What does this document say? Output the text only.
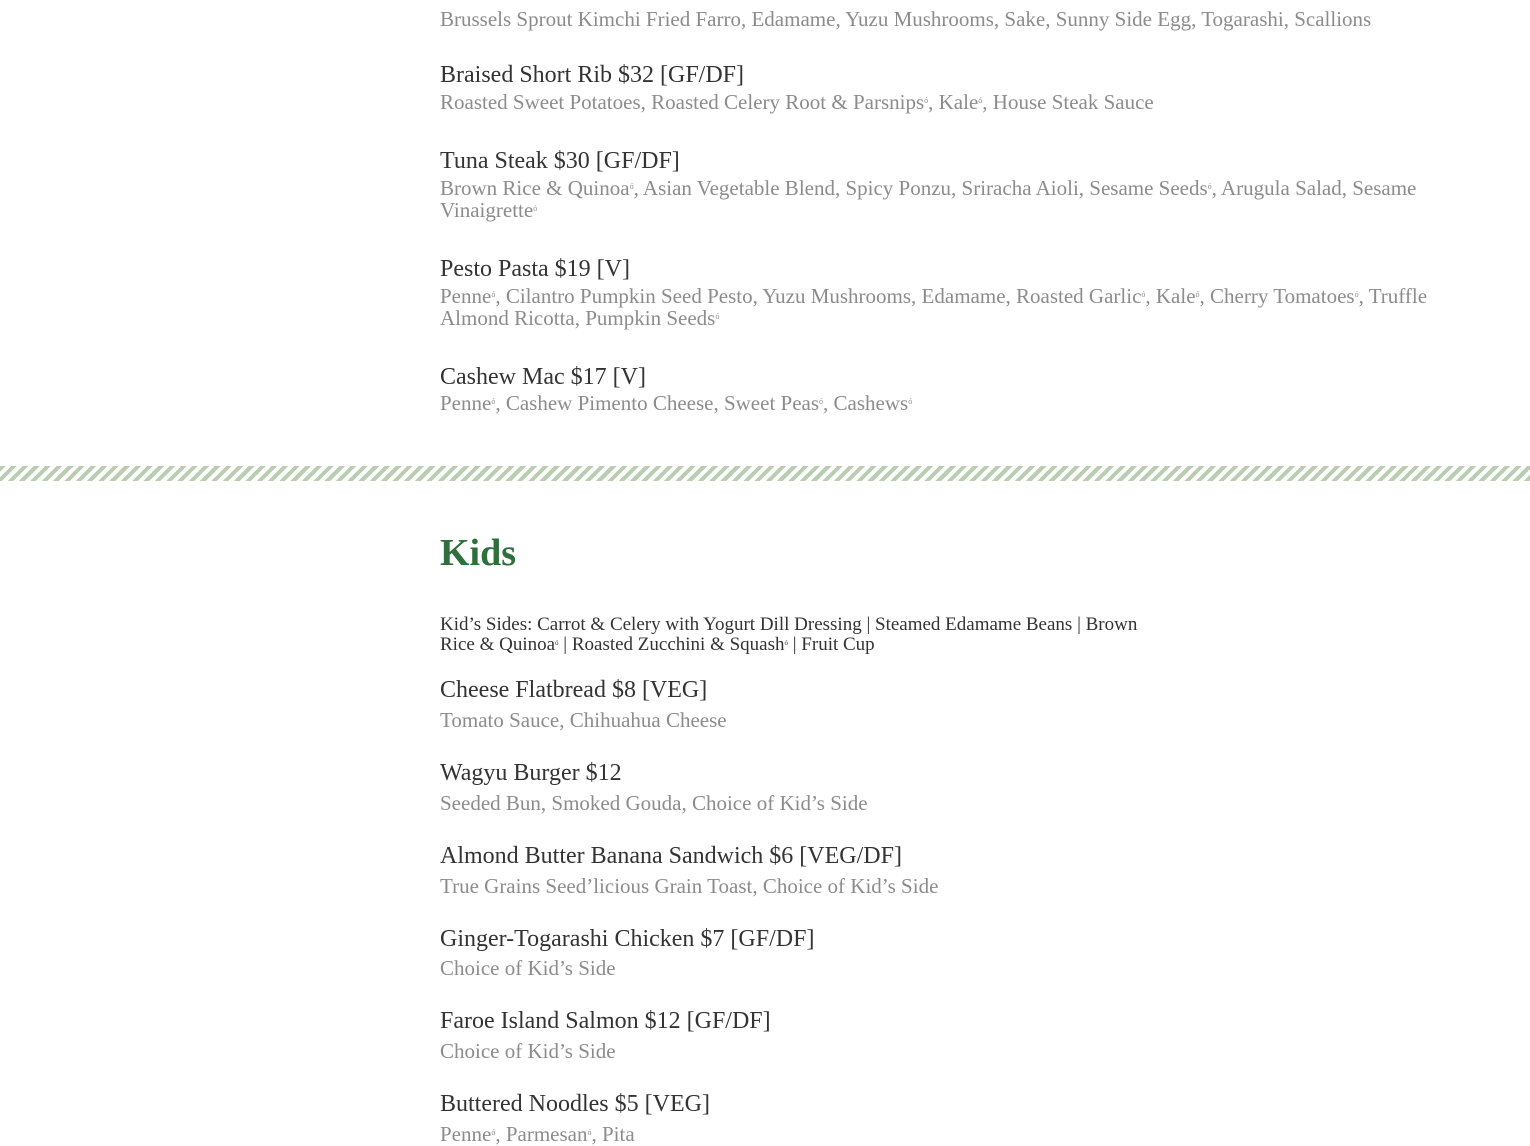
Brussels Sprout Kimchi Fried Farro, Edamame, Yuzu Mushrooms, Sake, Sunny Side Egg, Togarashi, Scallions
Braised Short Rib $32 [GF/DF]
Roasted Sweet Potatoes, Roasted Celery Root & Parsnips$^ó$, Kale$^ó$, House Steak Sauce
Tuna Steak $30 [GF/DF]
Brown Rice & Quinoa$^ó$, Asian Vegetable Blend, Spicy Ponzu, Sriracha Aioli, Sesame Seeds$^ó$, Arugula Salad, Sesame Vinaigrette$^ó$
Pesto Pasta $19 [V]
Penne$^ó$, Cilantro Pumpkin Seed Pesto, Yuzu Mushrooms, Edamame, Roasted Garlic$^ó$, Kale$^ó$, Cherry Tomatoes$^ó$, Truffle Almond Ricotta, Pumpkin Seeds$^ó$
Cashew Mac $17 [V]
Penne$^ó$, Cashew Pimento Cheese, Sweet Peas$^ó$, Cashews$^ó$
Kids
Kid’s Sides: Carrot & Celery with Yogurt Dill Dressing | Steamed Edamame Beans | Brown Rice & Quinoa$^ó$ | Roasted Zucchini & Squash$^ó$ | Fruit Cup
Cheese Flatbread $8 [VEG]
Tomato Sauce, Chihuahua Cheese
Wagyu Burger $12
Seeded Bun, Smoked Gouda, Choice of Kid’s Side
Almond Butter Banana Sandwich $6 [VEG/DF]
True Grains Seed’licious Grain Toast, Choice of Kid’s Side
Ginger-Togarashi Chicken $7 [GF/DF]
Choice of Kid’s Side
Faroe Island Salmon $12 [GF/DF]
Choice of Kid’s Side
Buttered Noodles $5 [VEG]
Penne$^ó$, Parmesan$^ó$, Pita
